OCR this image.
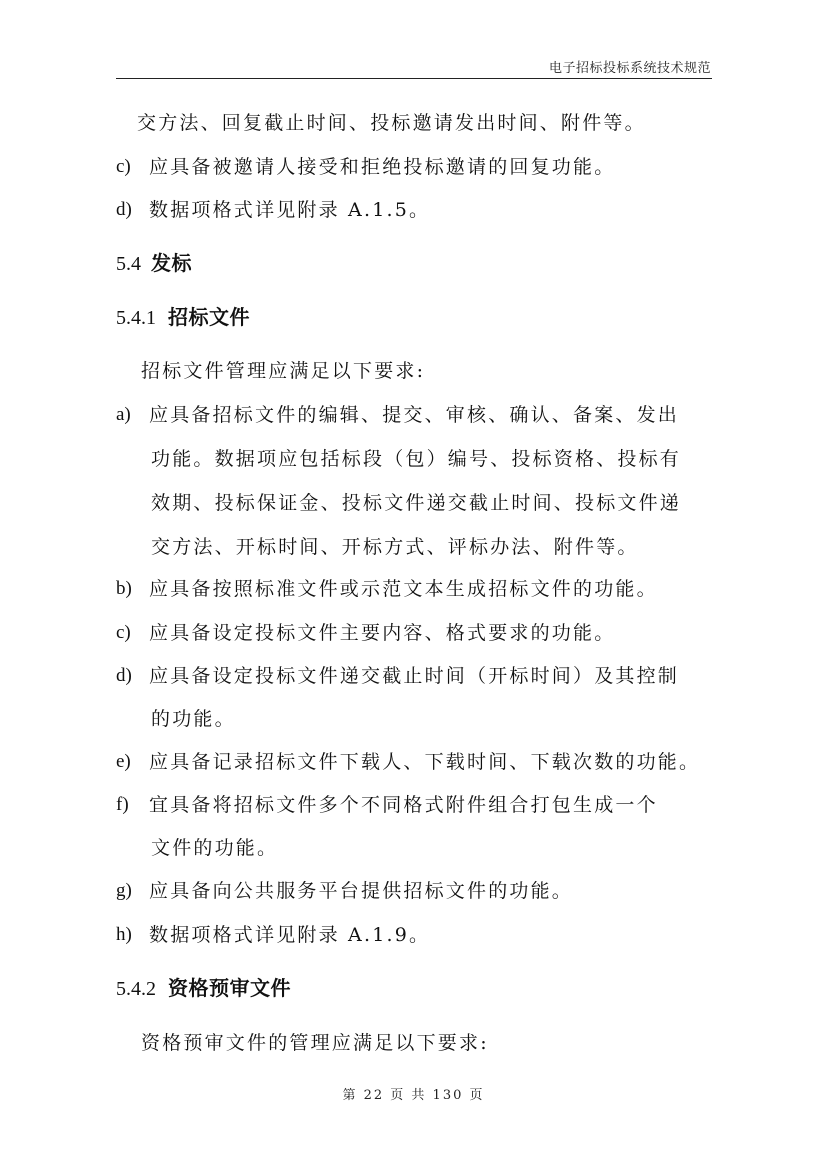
电子招标投标系统技术规范
交方法、回复截止时间、投标邀请发出时间、附件等。
c) 应具备被邀请人接受和拒绝投标邀请的回复功能。
d) 数据项格式详见附录 A.1.5。
5.4 发标
5.4.1 招标文件
招标文件管理应满足以下要求:
a) 应具备招标文件的编辑、提交、审核、确认、备案、发出
功能。数据项应包括标段（包）编号、投标资格、投标有
效期、投标保证金、投标文件递交截止时间、投标文件递
交方法、开标时间、开标方式、评标办法、附件等。
b) 应具备按照标准文件或示范文本生成招标文件的功能。
c) 应具备设定投标文件主要内容、格式要求的功能。
d) 应具备设定投标文件递交截止时间（开标时间）及其控制
的功能。
e) 应具备记录招标文件下载人、下载时间、下载次数的功能。
f) 宜具备将招标文件多个不同格式附件组合打包生成一个
文件的功能。
g) 应具备向公共服务平台提供招标文件的功能。
h) 数据项格式详见附录 A.1.9。
5.4.2 资格预审文件
资格预审文件的管理应满足以下要求:
第 22 页 共 130 页
